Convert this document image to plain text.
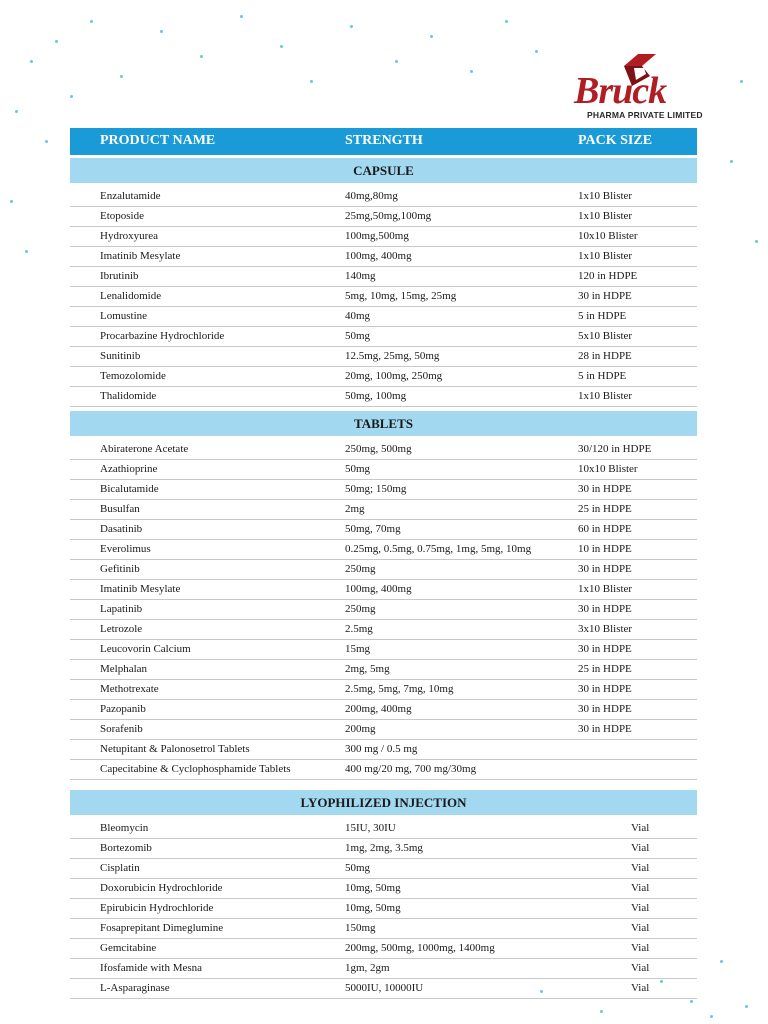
Bruck
PHARMA PRIVATE LIMITED
PRODUCT NAME	STRENGTH	PACK SIZE
CAPSULE
Enzalutamide	40mg,80mg	1x10 Blister
Etoposide	25mg,50mg,100mg	1x10 Blister
Hydroxyurea	100mg,500mg	10x10 Blister
Imatinib Mesylate	100mg, 400mg	1x10 Blister
Ibrutinib	140mg	120 in HDPE
Lenalidomide	5mg, 10mg, 15mg, 25mg	30 in HDPE
Lomustine	40mg	5 in HDPE
Procarbazine Hydrochloride	50mg	5x10 Blister
Sunitinib	12.5mg, 25mg, 50mg	28 in HDPE
Temozolomide	20mg, 100mg, 250mg	5 in HDPE
Thalidomide	50mg, 100mg	1x10 Blister
TABLETS
Abiraterone Acetate	250mg, 500mg	30/120 in HDPE
Azathioprine	50mg	10x10 Blister
Bicalutamide	50mg; 150mg	30 in HDPE
Busulfan	2mg	25 in HDPE
Dasatinib	50mg, 70mg	60 in HDPE
Everolimus	0.25mg, 0.5mg, 0.75mg, 1mg, 5mg, 10mg	10 in HDPE
Gefitinib	250mg	30 in HDPE
Imatinib Mesylate	100mg, 400mg	1x10 Blister
Lapatinib	250mg	30 in HDPE
Letrozole	2.5mg	3x10 Blister
Leucovorin Calcium	15mg	30 in HDPE
Melphalan	2mg, 5mg	25 in HDPE
Methotrexate	2.5mg, 5mg, 7mg, 10mg	30 in HDPE
Pazopanib	200mg, 400mg	30 in HDPE
Sorafenib	200mg	30 in HDPE
Netupitant & Palonosetrol Tablets	300 mg / 0.5 mg
Capecitabine & Cyclophosphamide Tablets	400 mg/20 mg, 700 mg/30mg
LYOPHILIZED INJECTION
Bleomycin	15IU, 30IU	Vial
Bortezomib	1mg, 2mg, 3.5mg	Vial
Cisplatin	50mg	Vial
Doxorubicin Hydrochloride	10mg, 50mg	Vial
Epirubicin Hydrochloride	10mg, 50mg	Vial
Fosaprepitant Dimeglumine	150mg	Vial
Gemcitabine	200mg, 500mg, 1000mg, 1400mg	Vial
Ifosfamide with Mesna	1gm, 2gm	Vial
L-Asparaginase	5000IU, 10000IU	Vial
